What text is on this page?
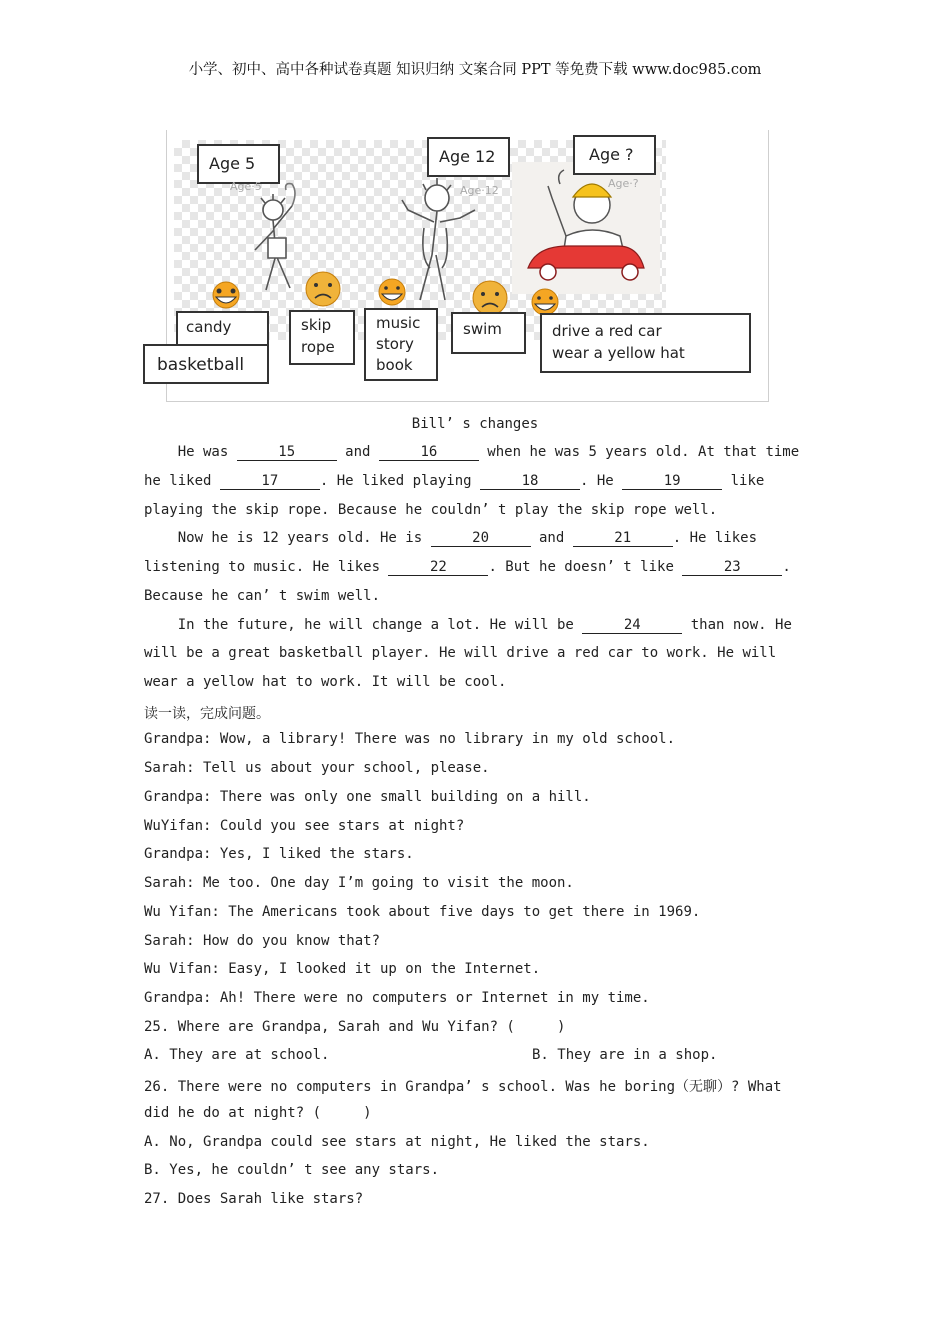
小学、初中、高中各种试卷真题 知识归纳 文案合同 PPT 等免费下载 www.doc985.com
Age 5	Age 12	Age ?
Age·5	Age·12
Age·?
candy
basketball
skip
rope
music
story
book
swim	drive a red car
wear a yellow hat
Bill’ s changes
He was	15	and	16	when he was 5 years old. At that time
he liked	17	. He liked playing	18	. He	19	like
playing the skip rope. Because he couldn’ t play the skip rope well.
Now he is 12 years old. He is	20	and	21	. He likes
listening to music. He likes	22	. But he doesn’ t like	23	.
Because he can’ t swim well.
In the future, he will change a lot. He will be	24	than now. He
will be a great basketball player. He will drive a red car to work. He will
wear a yellow hat to work. It will be cool.
读一读，完成问题。
Grandpa: Wow, a library! There was no library in my old school.
Sarah: Tell us about your school, please.
Grandpa: There was only one small building on a hill.
WuYifan: Could you see stars at night?
Grandpa: Yes, I liked the stars.
Sarah: Me too. One day I’m going to visit the moon.
Wu Yifan: The Americans took about five days to get there in 1969.
Sarah: How do you know that?
Wu Vifan: Easy, I looked it up on the Internet.
Grandpa: Ah! There were no computers or Internet in my time.
25. Where are Grandpa, Sarah and Wu Yifan? (     )
A. They are at school.	B. They are in a shop.
26. There were no computers in Grandpa’ s school. Was he boring（无聊）? What
did he do at night? (     )
A. No, Grandpa could see stars at night, He liked the stars.
B. Yes, he couldn’ t see any stars.
27. Does Sarah like stars?
